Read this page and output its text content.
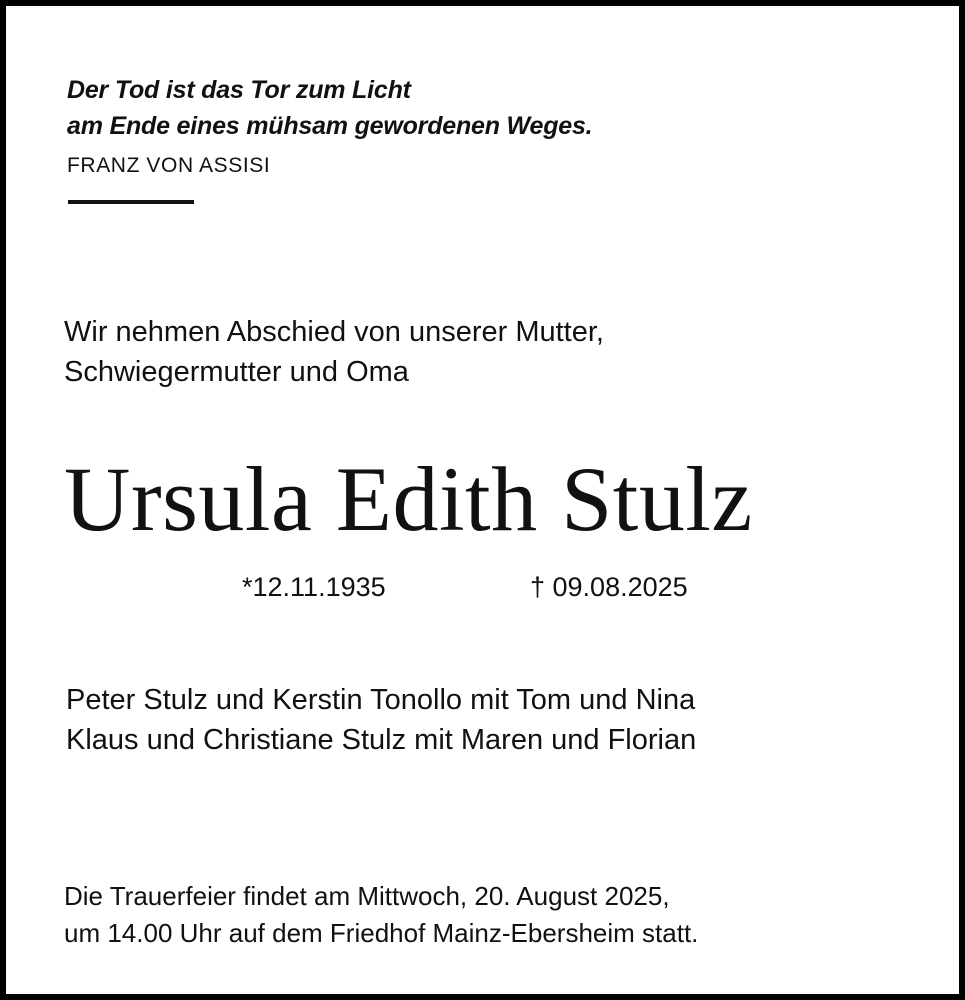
Der Tod ist das Tor zum Licht
am Ende eines mühsam gewordenen Weges.
FRANZ VON ASSISI
Wir nehmen Abschied von unserer Mutter,
Schwiegermutter und Oma
Ursula Edith Stulz
*12.11.1935	† 09.08.2025
Peter Stulz und Kerstin Tonollo mit Tom und Nina
Klaus und Christiane Stulz mit Maren und Florian
Die Trauerfeier findet am Mittwoch, 20. August 2025,
um 14.00 Uhr auf dem Friedhof Mainz-Ebersheim statt.
